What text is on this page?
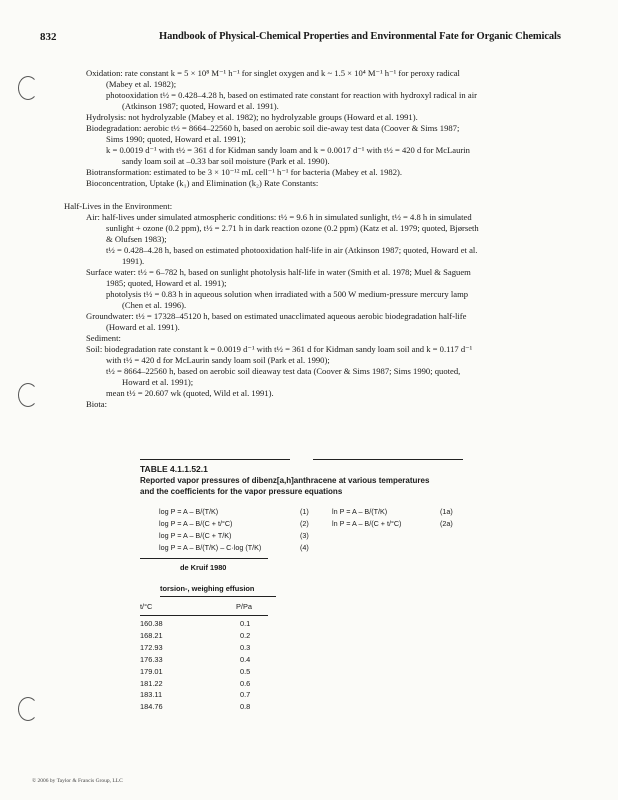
832	Handbook of Physical-Chemical Properties and Environmental Fate for Organic Chemicals
Oxidation: rate constant k = 5 × 10⁸ M⁻¹ h⁻¹ for singlet oxygen and k ~ 1.5 × 10⁴ M⁻¹ h⁻¹ for peroxy radical
(Mabey et al. 1982);
photooxidation t½ = 0.428–4.28 h, based on estimated rate constant for reaction with hydroxyl radical in air
(Atkinson 1987; quoted, Howard et al. 1991).
Hydrolysis: not hydrolyzable (Mabey et al. 1982); no hydrolyzable groups (Howard et al. 1991).
Biodegradation: aerobic t½ = 8664–22560 h, based on aerobic soil die-away test data (Coover & Sims 1987;
Sims 1990; quoted, Howard et al. 1991);
k = 0.0019 d⁻¹ with t½ = 361 d for Kidman sandy loam and k = 0.0017 d⁻¹ with t½ = 420 d for McLaurin
sandy loam soil at –0.33 bar soil moisture (Park et al. 1990).
Biotransformation: estimated to be 3 × 10⁻¹² mL cell⁻¹ h⁻¹ for bacteria (Mabey et al. 1982).
Bioconcentration, Uptake (k₁) and Elimination (k₂) Rate Constants:
Half-Lives in the Environment:
Air: half-lives under simulated atmospheric conditions: t½ = 9.6 h in simulated sunlight, t½ = 4.8 h in simulated
sunlight + ozone (0.2 ppm), t½ = 2.71 h in dark reaction ozone (0.2 ppm) (Katz et al. 1979; quoted, Bjørseth
& Olufsen 1983);
t½ = 0.428–4.28 h, based on estimated photooxidation half-life in air (Atkinson 1987; quoted, Howard et al.
1991).
Surface water: t½ = 6–782 h, based on sunlight photolysis half-life in water (Smith et al. 1978; Muel & Saguem
1985; quoted, Howard et al. 1991);
photolysis t½ = 0.83 h in aqueous solution when irradiated with a 500 W medium-pressure mercury lamp
(Chen et al. 1996).
Groundwater: t½ = 17328–45120 h, based on estimated unacclimated aqueous aerobic biodegradation half-life
(Howard et al. 1991).
Sediment:
Soil: biodegradation rate constant k = 0.0019 d⁻¹ with t½ = 361 d for Kidman sandy loam soil and k = 0.117 d⁻¹
with t½ = 420 d for McLaurin sandy loam soil (Park et al. 1990);
t½ = 8664–22560 h, based on aerobic soil dieaway test data (Coover & Sims 1987; Sims 1990; quoted,
Howard et al. 1991);
mean t½ = 20.607 wk (quoted, Wild et al. 1991).
Biota:
TABLE 4.1.1.52.1
Reported vapor pressures of dibenz[a,h]anthracene at various temperatures
and the coefficients for the vapor pressure equations
log P = A – B/(T/K)	(1)	ln P = A – B/(T/K)	(1a)
log P = A – B/(C + t/°C)	(2)	ln P = A – B/(C + t/°C)	(2a)
log P = A – B/(C + T/K)	(3)
log P = A – B/(T/K) – C·log (T/K)	(4)
de Kruif 1980
torsion-, weighing effusion
t/°C	P/Pa
160.38	0.1
168.21	0.2
172.93	0.3
176.33	0.4
179.01	0.5
181.22	0.6
183.11	0.7
184.76	0.8
© 2006 by Taylor & Francis Group, LLC
